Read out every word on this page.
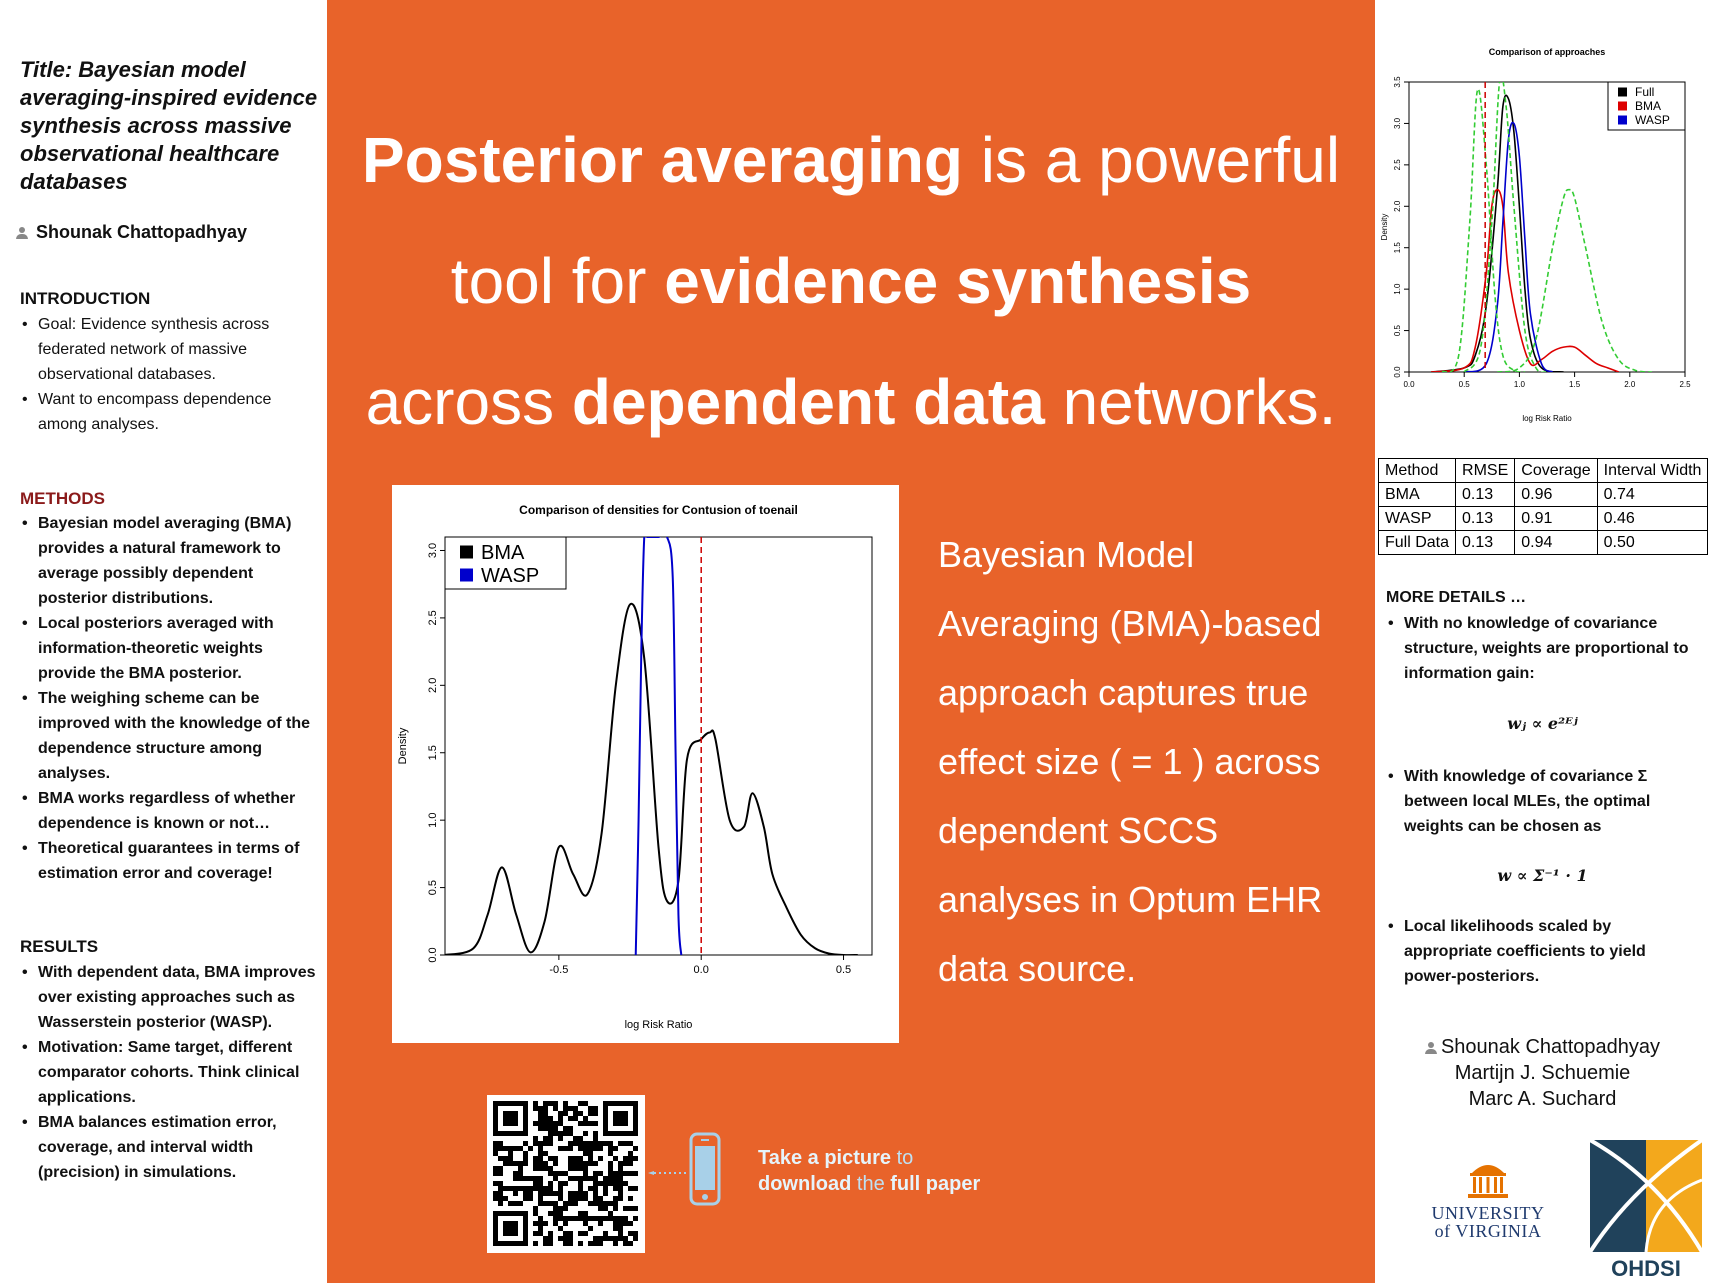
Title: Bayesian model averaging-inspired evidence synthesis across massive observational healthcare databases
Shounak Chattopadhyay
INTRODUCTION
• Goal: Evidence synthesis across federated network of massive observational databases.
• Want to encompass dependence among analyses.
METHODS
• Bayesian model averaging (BMA) provides a natural framework to average possibly dependent posterior distributions.
• Local posteriors averaged with information-theoretic weights provide the BMA posterior.
• The weighing scheme can be improved with the knowledge of the dependence structure among analyses.
• BMA works regardless of whether dependence is known or not…
• Theoretical guarantees in terms of estimation error and coverage!
RESULTS
• With dependent data, BMA improves over existing approaches such as Wasserstein posterior (WASP).
• Motivation: Same target, different comparator cohorts. Think clinical applications.
• BMA balances estimation error, coverage, and interval width (precision) in simulations.
Posterior averaging is a powerful
tool for evidence synthesis
across dependent data networks.
Comparison of densities for Contusion of toenail
0.0
0.5
1.0
1.5
2.0
2.5
3.0
-0.5	0.0	0.5
log Risk Ratio
Density
BMA
WASP
Bayesian Model Averaging (BMA)-based approach captures true effect size ( = 1 ) across dependent SCCS analyses in Optum EHR data source.
Take a picture to
download the full paper
Comparison of approaches
0.0
0.5
1.0
1.5
2.0
2.5
3.0
3.5
0.0	0.5	1.0	1.5	2.0	2.5
log Risk Ratio
Density
Full
BMA
WASP
Method	RMSE	Coverage	Interval Width
BMA	0.13	0.96	0.74
WASP	0.13	0.91	0.46
Full Data	0.13	0.94	0.50
MORE DETAILS …
• With no knowledge of covariance structure, weights are proportional to information gain:
wⱼ ∝ e²ᴱʲ
• With knowledge of covariance Σ between local MLEs, the optimal weights can be chosen as
w ∝ Σ⁻¹ · 1
• Local likelihoods scaled by appropriate coefficients to yield power-posteriors.
Shounak Chattopadhyay
Martijn J. Schuemie
Marc A. Suchard
UNIVERSITY
of VIRGINIA
OHDSI
